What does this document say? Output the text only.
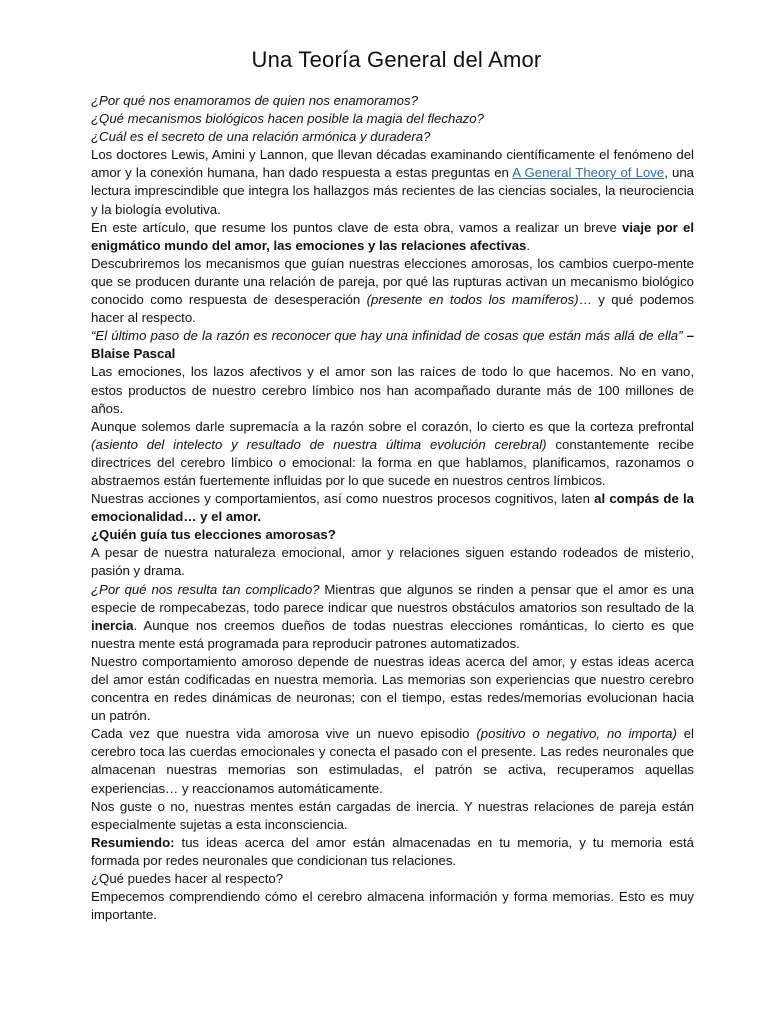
Una Teoría General del Amor

¿Por qué nos enamoramos de quien nos enamoramos?

¿Qué mecanismos biológicos hacen posible la magia del flechazo?

¿Cuál es el secreto de una relación armónica y duradera?

Los doctores Lewis, Amini y Lannon, que llevan décadas examinando científicamente el fenómeno del amor y la conexión humana, han dado respuesta a estas preguntas en A General Theory of Love, una lectura imprescindible que integra los hallazgos más recientes de las ciencias sociales, la neurociencia y la biología evolutiva.

En este artículo, que resume los puntos clave de esta obra, vamos a realizar un breve viaje por el enigmático mundo del amor, las emociones y las relaciones afectivas.

Descubriremos los mecanismos que guían nuestras elecciones amorosas, los cambios cuerpo-mente que se producen durante una relación de pareja, por qué las rupturas activan un mecanismo biológico conocido como respuesta de desesperación (presente en todos los mamíferos)… y qué podemos hacer al respecto.

“El último paso de la razón es reconocer que hay una infinidad de cosas que están más allá de ella” – Blaise Pascal

Las emociones, los lazos afectivos y el amor son las raíces de todo lo que hacemos. No en vano, estos productos de nuestro cerebro límbico nos han acompañado durante más de 100 millones de años.

Aunque solemos darle supremacía a la razón sobre el corazón, lo cierto es que la corteza prefrontal (asiento del intelecto y resultado de nuestra última evolución cerebral) constantemente recibe directrices del cerebro límbico o emocional: la forma en que hablamos, planificamos, razonamos o abstraemos están fuertemente influidas por lo que sucede en nuestros centros límbicos.

Nuestras acciones y comportamientos, así como nuestros procesos cognitivos, laten al compás de la emocionalidad… y el amor.

¿Quién guía tus elecciones amorosas?

A pesar de nuestra naturaleza emocional, amor y relaciones siguen estando rodeados de misterio, pasión y drama.

¿Por qué nos resulta tan complicado? Mientras que algunos se rinden a pensar que el amor es una especie de rompecabezas, todo parece indicar que nuestros obstáculos amatorios son resultado de la inercia. Aunque nos creemos dueños de todas nuestras elecciones románticas, lo cierto es que nuestra mente está programada para reproducir patrones automatizados.

Nuestro comportamiento amoroso depende de nuestras ideas acerca del amor, y estas ideas acerca del amor están codificadas en nuestra memoria. Las memorias son experiencias que nuestro cerebro concentra en redes dinámicas de neuronas; con el tiempo, estas redes/memorias evolucionan hacia un patrón.

Cada vez que nuestra vida amorosa vive un nuevo episodio (positivo o negativo, no importa) el cerebro toca las cuerdas emocionales y conecta el pasado con el presente. Las redes neuronales que almacenan nuestras memorias son estimuladas, el patrón se activa, recuperamos aquellas experiencias… y reaccionamos automáticamente.

Nos guste o no, nuestras mentes están cargadas de inercia. Y nuestras relaciones de pareja están especialmente sujetas a esta inconsciencia.

Resumiendo: tus ideas acerca del amor están almacenadas en tu memoria, y tu memoria está formada por redes neuronales que condicionan tus relaciones.

¿Qué puedes hacer al respecto?

Empecemos comprendiendo cómo el cerebro almacena información y forma memorias. Esto es muy importante.
